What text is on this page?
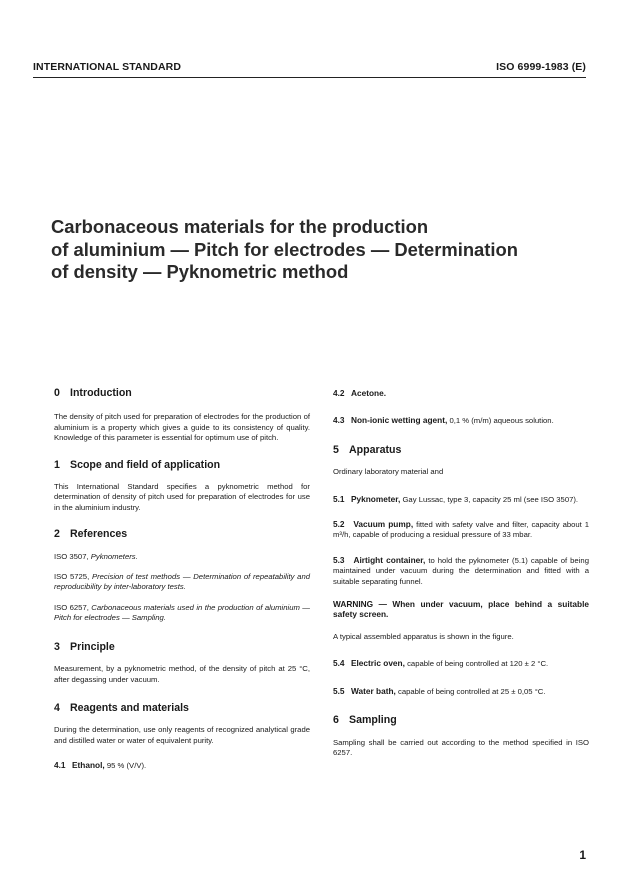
INTERNATIONAL STANDARD	ISO 6999-1983 (E)
Carbonaceous materials for the production
of aluminium — Pitch for electrodes — Determination
of density — Pyknometric method
0 Introduction

The density of pitch used for preparation of electrodes for the production of aluminium is a property which gives a guide to its consistency of quality. Knowledge of this parameter is essential for optimum use of pitch.

1 Scope and field of application

This International Standard specifies a pyknometric method for determination of density of pitch used for preparation of electrodes for use in the aluminium industry.

2 References

ISO 3507, Pyknometers.

ISO 5725, Precision of test methods — Determination of repeatability and reproducibility by inter-laboratory tests.

ISO 6257, Carbonaceous materials used in the production of aluminium — Pitch for electrodes — Sampling.

3 Principle

Measurement, by a pyknometric method, of the density of pitch at 25 °C, after degassing under vacuum.

4 Reagents and materials

During the determination, use only reagents of recognized analytical grade and distilled water or water of equivalent purity.

4.1 Ethanol, 95 % (V/V).

4.2 Acetone.

4.3 Non-ionic wetting agent, 0,1 % (m/m) aqueous solution.

5 Apparatus

Ordinary laboratory material and

5.1 Pyknometer, Gay Lussac, type 3, capacity 25 ml (see ISO 3507).

5.2 Vacuum pump, fitted with safety valve and filter, capacity about 1 m³/h, capable of producing a residual pressure of 33 mbar.

5.3 Airtight container, to hold the pyknometer (5.1) capable of being maintained under vacuum during the determination and fitted with a suitable separating funnel.

WARNING — When under vacuum, place behind a suitable safety screen.

A typical assembled apparatus is shown in the figure.

5.4 Electric oven, capable of being controlled at 120 ± 2 °C.

5.5 Water bath, capable of being controlled at 25 ± 0,05 °C.

6 Sampling

Sampling shall be carried out according to the method specified in ISO 6257.

1
